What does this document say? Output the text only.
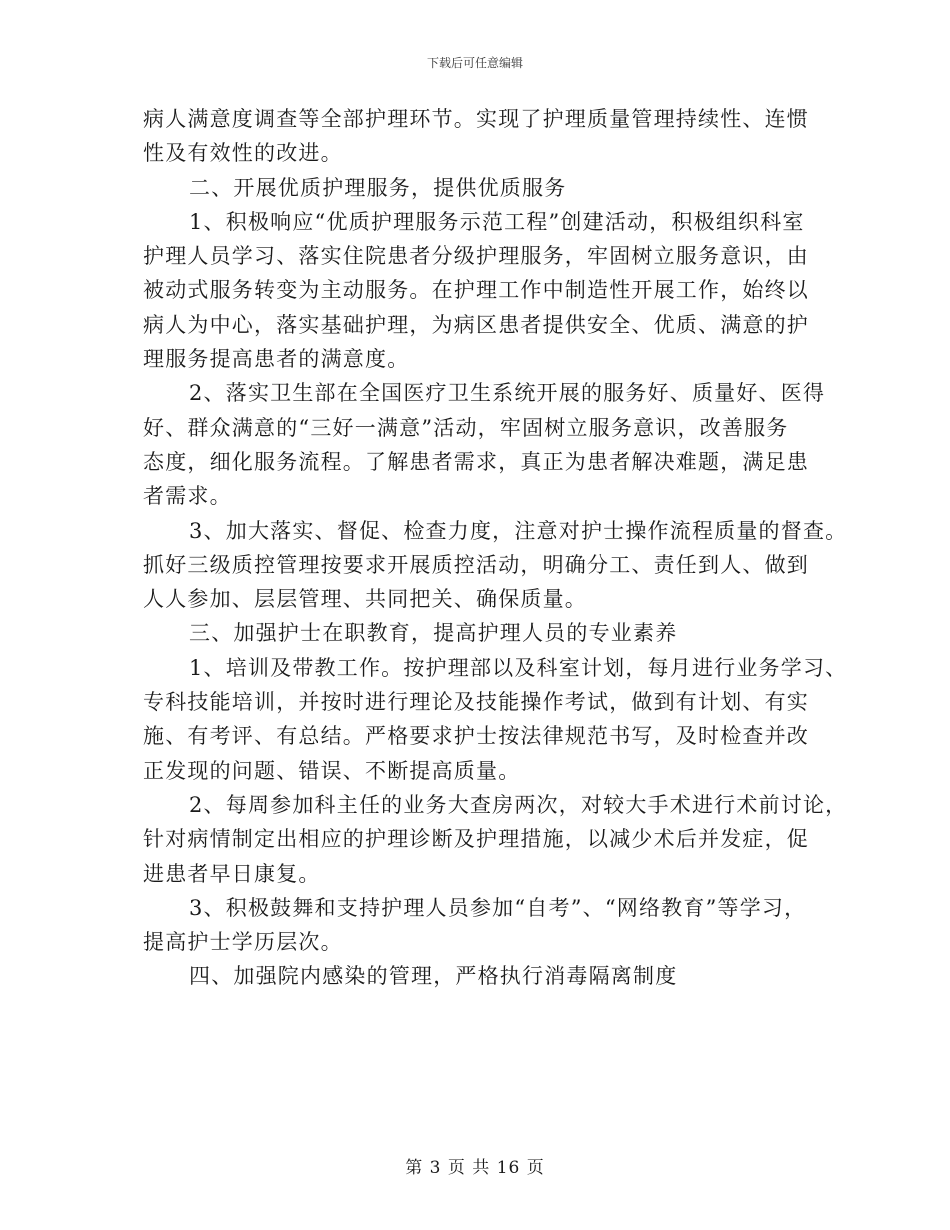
下载后可任意编辑
病人满意度调查等全部护理环节。实现了护理质量管理持续性、连惯
性及有效性的改进。
二、开展优质护理服务，提供优质服务
1、积极响应“优质护理服务示范工程”创建活动，积极组织科室
护理人员学习、落实住院患者分级护理服务，牢固树立服务意识，由
被动式服务转变为主动服务。在护理工作中制造性开展工作，始终以
病人为中心，落实基础护理，为病区患者提供安全、优质、满意的护
理服务提高患者的满意度。
2、落实卫生部在全国医疗卫生系统开展的服务好、质量好、医得
好、群众满意的“三好一满意”活动，牢固树立服务意识，改善服务
态度，细化服务流程。了解患者需求，真正为患者解决难题，满足患
者需求。
3、加大落实、督促、检查力度，注意对护士操作流程质量的督查。
抓好三级质控管理按要求开展质控活动，明确分工、责任到人、做到
人人参加、层层管理、共同把关、确保质量。
三、加强护士在职教育，提高护理人员的专业素养
1、培训及带教工作。按护理部以及科室计划，每月进行业务学习、
专科技能培训，并按时进行理论及技能操作考试，做到有计划、有实
施、有考评、有总结。严格要求护士按法律规范书写，及时检查并改
正发现的问题、错误、不断提高质量。
2、每周参加科主任的业务大查房两次，对较大手术进行术前讨论，
针对病情制定出相应的护理诊断及护理措施，以减少术后并发症，促
进患者早日康复。
3、积极鼓舞和支持护理人员参加“自考”、“网络教育”等学习，
提高护士学历层次。
四、加强院内感染的管理，严格执行消毒隔离制度
第 3 页 共 16 页
